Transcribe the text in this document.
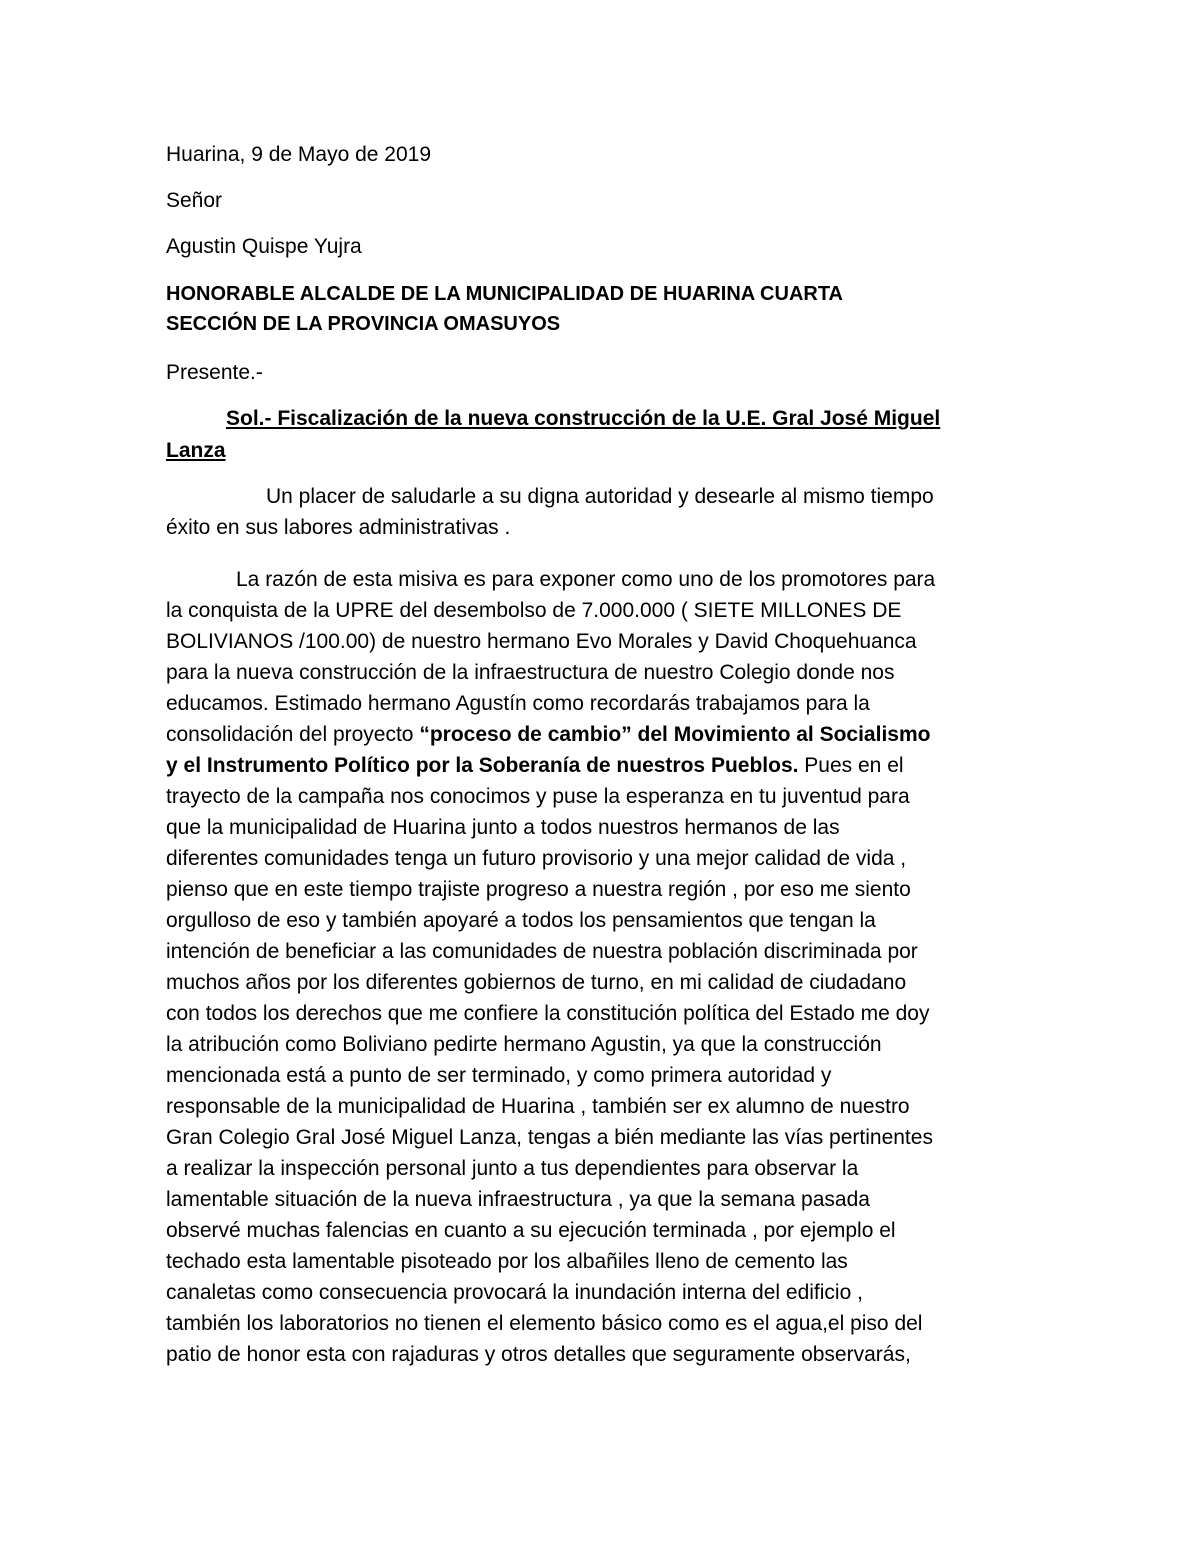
Huarina, 9 de Mayo de 2019
Señor
Agustin Quispe Yujra
HONORABLE ALCALDE DE LA MUNICIPALIDAD DE HUARINA CUARTA
SECCIÓN DE LA PROVINCIA OMASUYOS
Presente.-
Sol.- Fiscalización de la nueva construcción de la U.E. Gral José Miguel
Lanza
Un placer de saludarle a su digna autoridad y desearle al mismo tiempo
éxito en sus labores administrativas .
La razón de esta misiva es para exponer como uno de los promotores para
la conquista de la UPRE del desembolso de 7.000.000 ( SIETE MILLONES DE
BOLIVIANOS /100.00) de nuestro hermano Evo Morales y David Choquehuanca
para la nueva construcción de la infraestructura de nuestro Colegio donde nos
educamos. Estimado hermano Agustín como recordarás trabajamos para la
consolidación del proyecto “proceso de cambio” del Movimiento al Socialismo
y el Instrumento Político por la Soberanía de nuestros Pueblos. Pues en el
trayecto de la campaña nos conocimos y puse la esperanza en tu juventud para
que la municipalidad de Huarina junto a todos nuestros hermanos de las
diferentes comunidades tenga un futuro provisorio y una mejor calidad de vida ,
pienso que en este tiempo trajiste progreso a nuestra región , por eso me siento
orgulloso de eso y también apoyaré a todos los pensamientos que tengan la
intención de beneficiar a las comunidades de nuestra población discriminada por
muchos años por los diferentes gobiernos de turno, en mi calidad de ciudadano
con todos los derechos que me confiere la constitución política del Estado me doy
la atribución como Boliviano pedirte hermano Agustin, ya que la construcción
mencionada está a punto de ser terminado, y como primera autoridad y
responsable de la municipalidad de Huarina , también ser ex alumno de nuestro
Gran Colegio Gral José Miguel Lanza, tengas a bién mediante las vías pertinentes
a realizar la inspección personal junto a tus dependientes para observar la
lamentable situación de la nueva infraestructura , ya que la semana pasada
observé muchas falencias en cuanto a su ejecución terminada , por ejemplo el
techado esta lamentable pisoteado por los albañiles lleno de cemento las
canaletas como consecuencia provocará la inundación interna del edificio ,
también los laboratorios no tienen el elemento básico como es el agua,el piso del
patio de honor esta con rajaduras y otros detalles que seguramente observarás,
